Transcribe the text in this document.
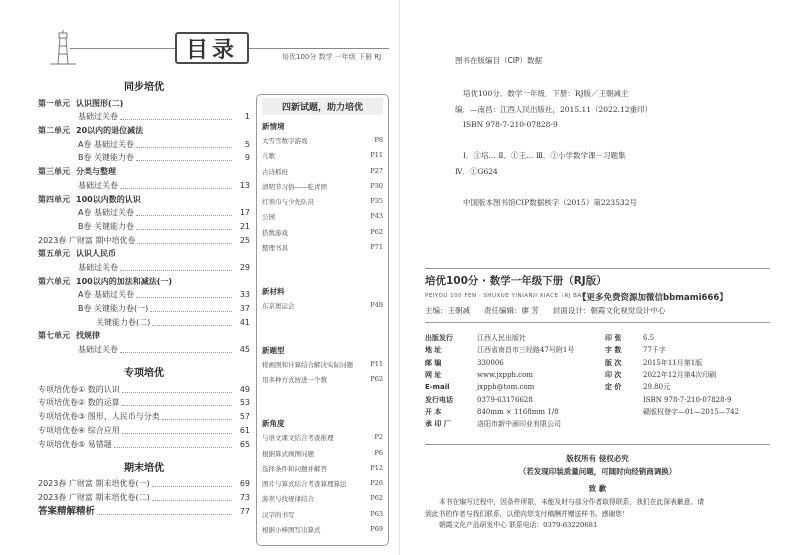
目录	培优100分 数学 一年级 下册 RJ
同步培优
第一单元 认识图形(二)
基础过关卷	1
第二单元 20以内的退位减法
A卷 基础过关卷	5
B卷 关键能力卷	9
第三单元 分类与整理
基础过关卷	13
第四单元 100以内数的认识
A卷 基础过关卷	17
B卷 关键能力卷	21
2023春 广财富 期中培优卷	25
第五单元 认识人民币
基础过关卷	29
第六单元 100以内的加法和减法(一)
A卷 基础过关卷	33
B卷 关键能力卷(一)	37
关键能力卷(二)	41
第七单元 找规律
基础过关卷	45
专项培优
专项培优卷① 数的认识	49
专项培优卷② 数的运算	53
专项培优卷③ 图形、人民币与分类	57
专项培优卷④ 综合应用	61
专项培优卷⑤ 易错题	65
期末培优
2023春 广财富 期末培优卷(一)	69
2023春 广财富 期末培优卷(二)	73
答案精解精析	77
四新试题，助力培优
新情境
大雪雪数字游戏	P8
儿歌	P11
古诗抓班	P27
清明节习俗——吃青团	P30
红领巾与少先队员	P35
公园	P43
搭数游戏	P62
整理书具	P71
新材料
东京奥运会	P49
新题型
将画图和计算结合解决实际问题	P11
用多种方式按进一个数	P62
新角度
与语文课文结合考查推理	P2
根据算式画图问题	P6
选择条件和问题并解答	P12
图片与算式结合考查算理算法	P26
游卖与找规律结合	P62
汉字的书写	P63
根据小棒图写出算式	P69
图书在版编目（CIP）数据

培优100分．数学一年级．下册：RJ版／王朝减主

编．—南昌：江西人民出版社，2015.11（2022.12重印）

ISBN 978-7-210-07828-9

Ⅰ．①培… Ⅱ．①王… Ⅲ．①小学数学课－习题集

Ⅳ．①G624

中国版本图书馆CIP数据核字（2015）第223532号

培优100分 · 数学一年级下册（RJ版）
PEIYOU 100 FEN · SHUXUE YINIANJI XIACE（RJ BAN）
【更多免费资源加微信bbmami666】
主编：王朝减 责任编辑：廖 芳 封面设计：朝霞文化视觉设计中心
出版发行	江西人民出版社
地 址	江西省南昌市三经路47号附1号
邮 编	330006
网 址	www.jxpph.com
E-mail	jxpph@tom.com
发行电话	0379-63176628
开 本	840mm × 1168mm 1/8
承 印 厂	洛阳市新中画印业有限公司
印 张	6.5
字 数	77千字
版 次	2015年11月第1版
印 次	2022年12月第4次印刷
定 价	29.80元
ISBN 978-7-210-07828-9
赣版权登字—01—2015—742
版权所有 侵权必究
（若发现印装质量问题，可随时向经销商调换）
致 歉

本书在编写过程中，因条件所限，未能及时与部分作者取得联系，我们在此深表歉意。请

到此书的作者与我们联系，以便向您支付稿酬并赠送样书。感谢您！

朝霞文化产品研发中心 联系电话：0379-63220681
